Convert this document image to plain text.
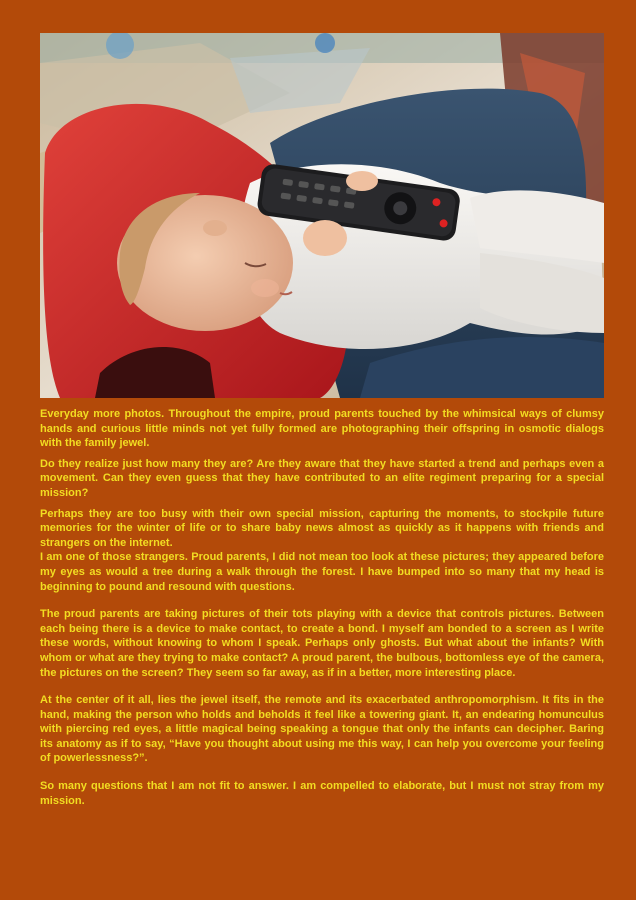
Everyday more photos. Throughout the empire, proud parents touched by the whimsical ways of clumsy hands and curious little minds not yet fully formed are photographing their offspring in osmotic dialogs with the family jewel.

Do they realize just how many they are? Are they aware that they have started a trend and perhaps even a movement. Can they even guess that they have contributed to an elite regiment preparing for a special mission?

Perhaps they are too busy with their own special mission, capturing the moments, to stockpile future memories for the winter of life or to share baby news almost as quickly as it happens with friends and strangers on the internet.

I am one of those strangers. Proud parents, I did not mean too look at these pictures; they appeared before my eyes as would a tree during a walk through the forest. I have bumped into so many that my head is beginning to pound and resound with questions.

The proud parents are taking pictures of their tots playing with a device that controls pictures. Between each being there is a device to make contact, to create a bond. I myself am bonded to a screen as I write these words, without knowing to whom I speak. Perhaps only ghosts. But what about the infants? With whom or what are they trying to make contact? A proud parent, the bulbous, bottomless eye of the camera, the pictures on the screen? They seem so far away, as if in a better, more interesting place.

At the center of it all, lies the jewel itself, the remote and its exacerbated anthropomorphism. It fits in the hand, making the person who holds and beholds it feel like a towering giant. It, an endearing homunculus with piercing red eyes, a little magical being speaking a tongue that only the infants can decipher. Baring its anatomy as if to say, “Have you thought about using me this way, I can help you overcome your feeling of powerlessness?”.

So many questions that I am not fit to answer. I am compelled to elaborate, but I must not stray from my mission.
